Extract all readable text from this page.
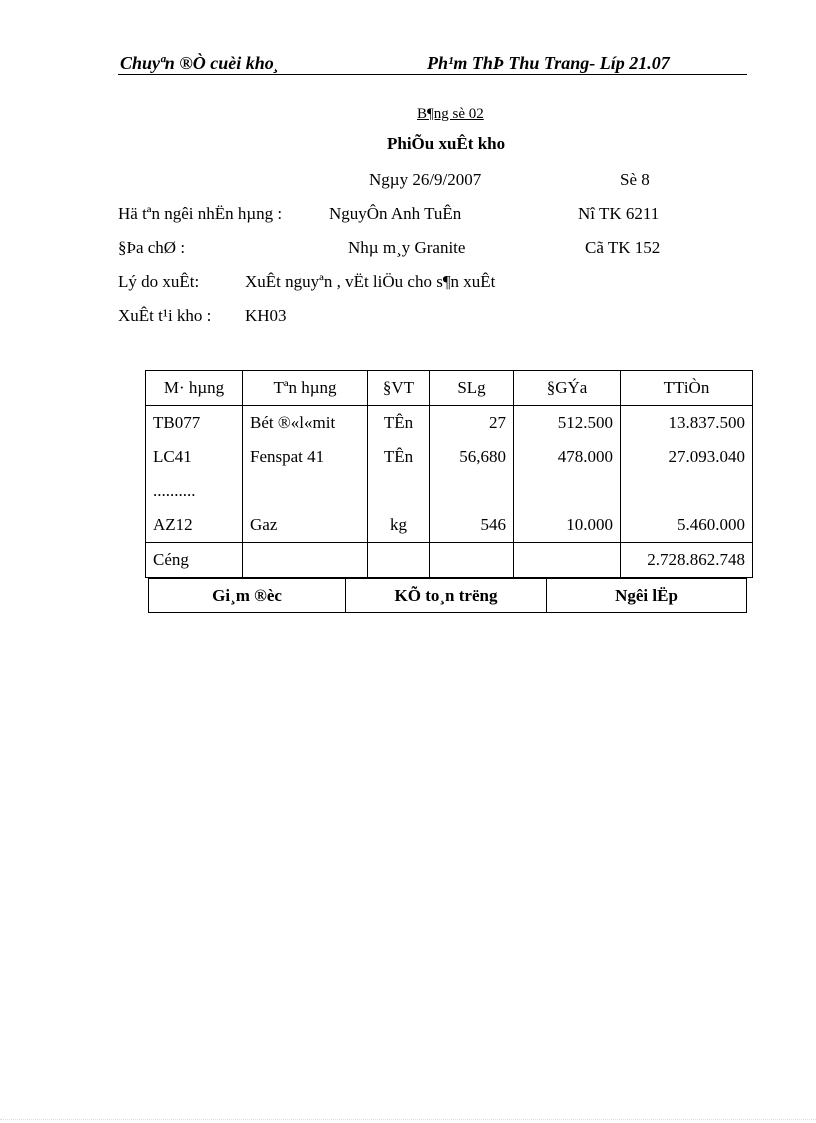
Chuyªn ®Ò cuèi kho¸	Ph¹m ThÞ Thu Trang- Líp 21.07
B¶ng sè 02
PhiÕu xuÊt kho
Ngµy 26/9/2007	Sè 8
Hä tªn ngêi nhËn hµng :	NguyÔn Anh TuÊn	Nî TK 6211
§Þa chØ :	Nhµ m¸y Granite	Cã TK 152
Lý do xuÊt:	XuÊt nguyªn , vËt liÖu cho s¶n xuÊt
XuÊt t¹i kho : KH03
M· hµng	Tªn hµng	§VT	SLg	§GÝa	TTiÒn
TB077	Bét ®«l«mit	TÊn	27	512.500	13.837.500
LC41	Fenspat 41	TÊn	56,680	478.000	27.093.040
..........					
AZ12	Gaz	kg	546	10.000	5.460.000
Céng					2.728.862.748
Gi¸m ®èc	KÕ to¸n trëng	Ngêi lËp
